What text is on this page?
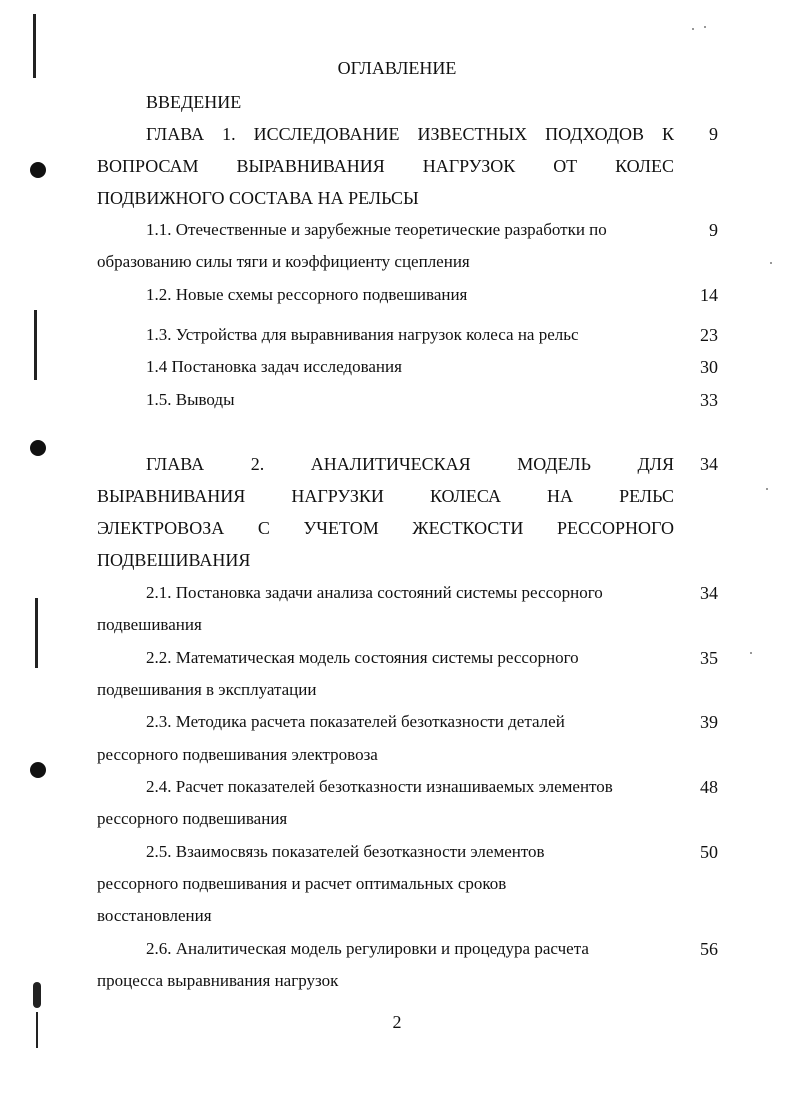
ОГЛАВЛЕНИЕ
ВВЕДЕНИЕ
ГЛАВА 1. ИССЛЕДОВАНИЕ ИЗВЕСТНЫХ ПОДХОДОВ К	9
ВОПРОСАМ ВЫРАВНИВАНИЯ НАГРУЗОК ОТ КОЛЕС
ПОДВИЖНОГО СОСТАВА НА РЕЛЬСЫ
1.1. Отечественные и зарубежные теоретические разработки по	9
образованию силы тяги и коэффициенту сцепления
1.2. Новые схемы рессорного подвешивания	14
1.3. Устройства для выравнивания нагрузок колеса на рельс	23
1.4 Постановка задач исследования	30
1.5. Выводы	33
ГЛАВА 2. АНАЛИТИЧЕСКАЯ МОДЕЛЬ ДЛЯ	34
ВЫРАВНИВАНИЯ НАГРУЗКИ КОЛЕСА НА РЕЛЬС
ЭЛЕКТРОВОЗА С УЧЕТОМ ЖЕСТКОСТИ РЕССОРНОГО
ПОДВЕШИВАНИЯ
2.1. Постановка задачи анализа состояний системы рессорного	34
подвешивания
2.2. Математическая модель состояния системы рессорного	35
подвешивания в эксплуатации
2.3. Методика расчета показателей безотказности деталей	39
рессорного подвешивания электровоза
2.4. Расчет показателей безотказности изнашиваемых элементов	48
рессорного подвешивания
2.5. Взаимосвязь показателей безотказности элементов	50
рессорного подвешивания и расчет оптимальных сроков
восстановления
2.6. Аналитическая модель регулировки и процедура расчета	56
процесса выравнивания нагрузок
2
